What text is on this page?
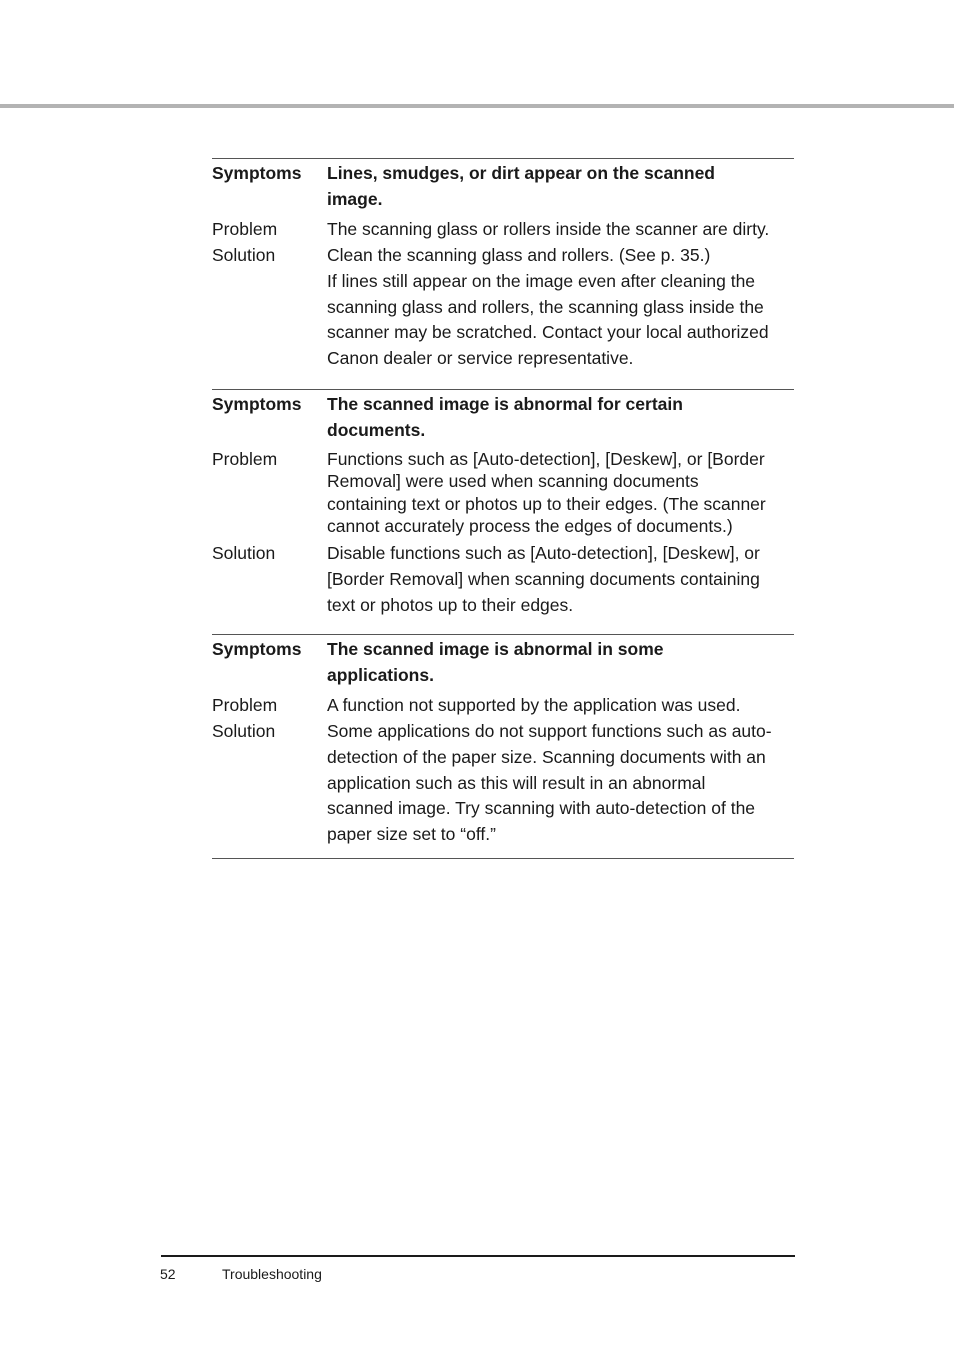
Symptoms	Lines, smudges, or dirt appear on the scanned
image.
Problem	The scanning glass or rollers inside the scanner are dirty.
Solution	Clean the scanning glass and rollers. (See p. 35.)
If lines still appear on the image even after cleaning the
scanning glass and rollers, the scanning glass inside the
scanner may be scratched. Contact your local authorized
Canon dealer or service representative.
Symptoms	The scanned image is abnormal for certain
documents.
Problem	Functions such as [Auto-detection], [Deskew], or [Border
Removal] were used when scanning documents
containing text or photos up to their edges. (The scanner
cannot accurately process the edges of documents.)
Solution	Disable functions such as [Auto-detection], [Deskew], or
[Border Removal] when scanning documents containing
text or photos up to their edges.
Symptoms	The scanned image is abnormal in some
applications.
Problem	A function not supported by the application was used.
Solution	Some applications do not support functions such as auto-
detection of the paper size. Scanning documents with an
application such as this will result in an abnormal
scanned image. Try scanning with auto-detection of the
paper size set to “off.”
52	Troubleshooting
